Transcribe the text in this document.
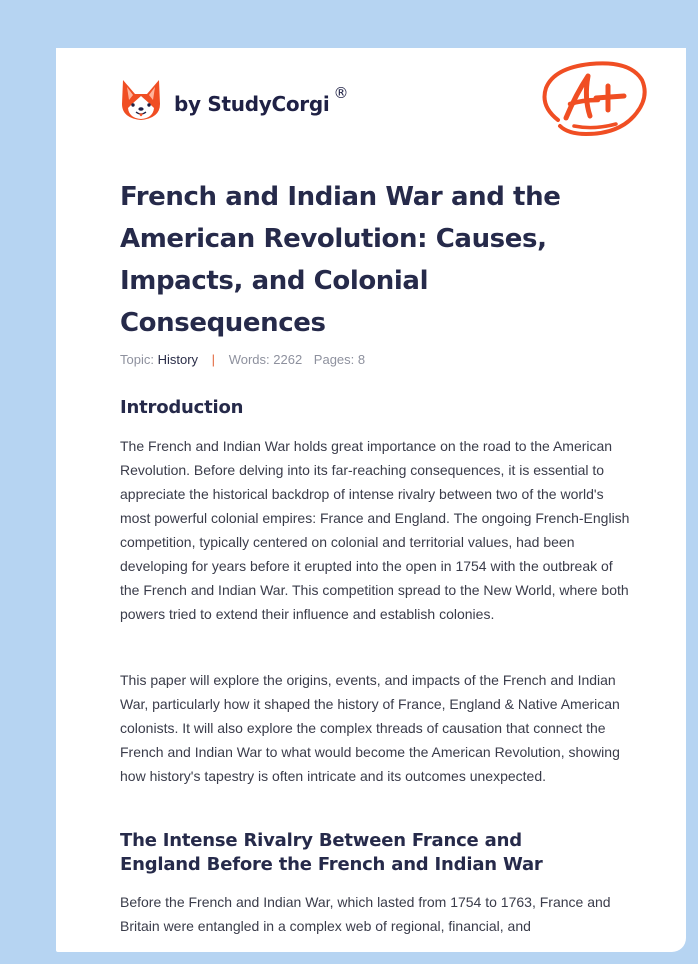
by StudyCorgi ®
French and Indian War and the American Revolution: Causes, Impacts, and Colonial Consequences
Topic: History | Words: 2262 Pages: 8
Introduction

The French and Indian War holds great importance on the road to the American Revolution. Before delving into its far-reaching consequences, it is essential to appreciate the historical backdrop of intense rivalry between two of the world's most powerful colonial empires: France and England. The ongoing French-English competition, typically centered on colonial and territorial values, had been developing for years before it erupted into the open in 1754 with the outbreak of the French and Indian War. This competition spread to the New World, where both powers tried to extend their influence and establish colonies.

This paper will explore the origins, events, and impacts of the French and Indian War, particularly how it shaped the history of France, England & Native American colonists. It will also explore the complex threads of causation that connect the French and Indian War to what would become the American Revolution, showing how history's tapestry is often intricate and its outcomes unexpected.

The Intense Rivalry Between France and England Before the French and Indian War

Before the French and Indian War, which lasted from 1754 to 1763, France and Britain were entangled in a complex web of regional, financial, and
